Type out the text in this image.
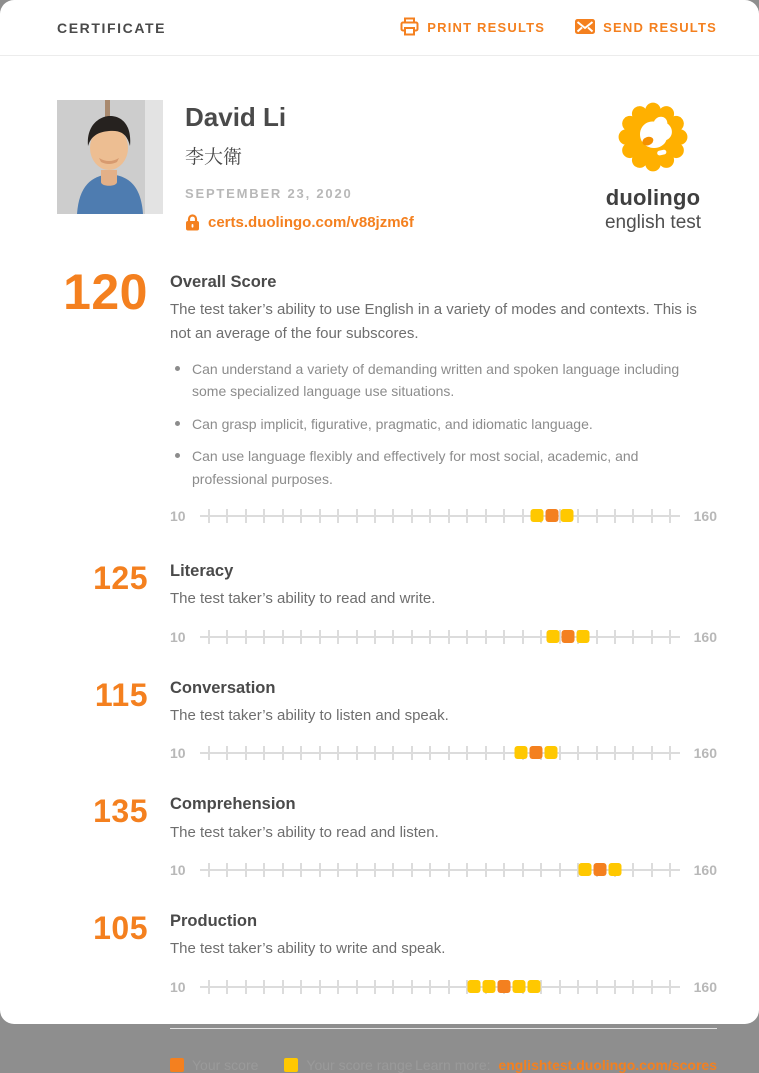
CERTIFICATE	PRINT RESULTS	SEND RESULTS
David Li
李大衛
SEPTEMBER 23, 2020
certs.duolingo.com/v88jzm6f
duolingo
english test
120 Overall Score
The test taker’s ability to use English in a variety of modes and contexts. This is not an average of the four subscores.
Can understand a variety of demanding written and spoken language including some specialized language use situations.
Can grasp implicit, figurative, pragmatic, and idiomatic language.
Can use language flexibly and effectively for most social, academic, and professional purposes.
10	160
125 Literacy
The test taker’s ability to read and write.
10	160
115 Conversation
The test taker’s ability to listen and speak.
10	160
135 Comprehension
The test taker’s ability to read and listen.
10	160
105 Production
The test taker’s ability to write and speak.
10	160
Your score	Your score range Learn more: englishtest.duolingo.com/scores
